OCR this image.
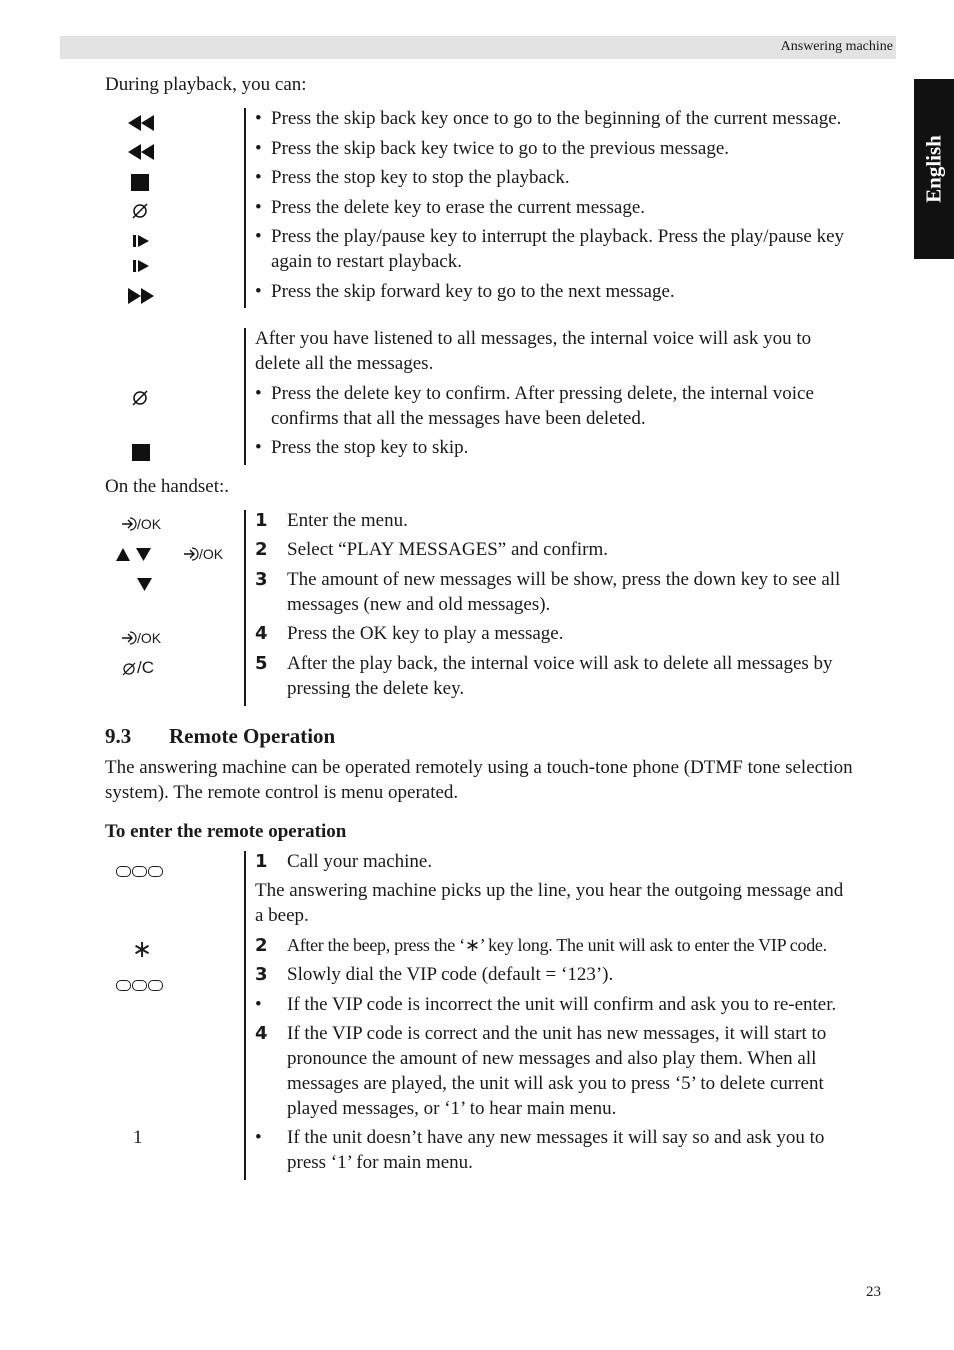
Answering machine
English
During playback, you can:
• Press the skip back key once to go to the beginning of the current message.
• Press the skip back key twice to go to the previous message.
• Press the stop key to stop the playback.
• Press the delete key to erase the current message.
• Press the play/pause key to interrupt the playback. Press the play/pause key
again to restart playback.
• Press the skip forward key to go to the next message.
After you have listened to all messages, the internal voice will ask you to
delete all the messages.
• Press the delete key to confirm. After pressing delete, the internal voice
confirms that all the messages have been deleted.
• Press the stop key to skip.
On the handset:.
/OK
/OK
/OK
/C
1 Enter the menu.
2 Select “PLAY MESSAGES” and confirm.
3 The amount of new messages will be show, press the down key to see all
messages (new and old messages).
4 Press the OK key to play a message.
5 After the play back, the internal voice will ask to delete all messages by
pressing the delete key.
9.3 Remote Operation
The answering machine can be operated remotely using a touch-tone phone (DTMF tone selection
system). The remote control is menu operated.
To enter the remote operation
∗
1
1 Call your machine.
The answering machine picks up the line, you hear the outgoing message and
a beep.
2 After the beep, press the ‘∗’ key long. The unit will ask to enter the VIP code.
3 Slowly dial the VIP code (default = ‘123’).
• If the VIP code is incorrect the unit will confirm and ask you to re-enter.
4 If the VIP code is correct and the unit has new messages, it will start to
pronounce the amount of new messages and also play them. When all
messages are played, the unit will ask you to press ‘5’ to delete current
played messages, or ‘1’ to hear main menu.
• If the unit doesn’t have any new messages it will say so and ask you to
press ‘1’ for main menu.
23
